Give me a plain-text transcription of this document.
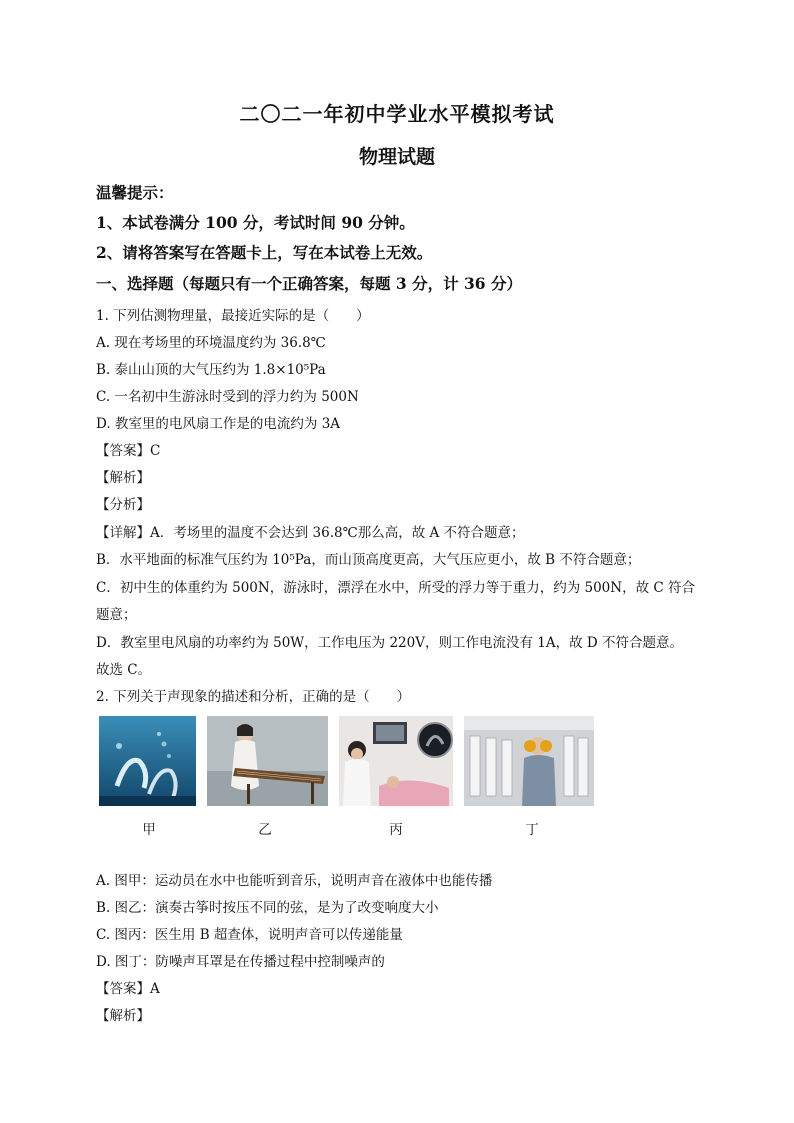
二〇二一年初中学业水平模拟考试
物理试题
温馨提示：
1、本试卷满分 100 分，考试时间 90 分钟。
2、请将答案写在答题卡上，写在本试卷上无效。
一、选择题（每题只有一个正确答案，每题 3 分，计 36 分）
1. 下列估测物理量，最接近实际的是（　　）
A. 现在考场里的环境温度约为 36.8℃
B. 泰山山顶的大气压约为 1.8×10⁵Pa
C. 一名初中生游泳时受到的浮力约为 500N
D. 教室里的电风扇工作是的电流约为 3A
【答案】C
【解析】
【分析】
【详解】A．考场里的温度不会达到 36.8℃那么高，故 A 不符合题意；
B．水平地面的标准气压约为 10⁵Pa，而山顶高度更高，大气压应更小，故 B 不符合题意；
C．初中生的体重约为 500N，游泳时，漂浮在水中，所受的浮力等于重力，约为 500N，故 C 符合
题意；
D．教室里电风扇的功率约为 50W，工作电压为 220V，则工作电流没有 1A，故 D 不符合题意。
故选 C。
2. 下列关于声现象的描述和分析，正确的是（　　）
甲	乙	丙	丁
A. 图甲：运动员在水中也能听到音乐，说明声音在液体中也能传播
B. 图乙：演奏古筝时按压不同的弦，是为了改变响度大小
C. 图丙：医生用 B 超查体，说明声音可以传递能量
D. 图丁：防噪声耳罩是在传播过程中控制噪声的
【答案】A
【解析】
